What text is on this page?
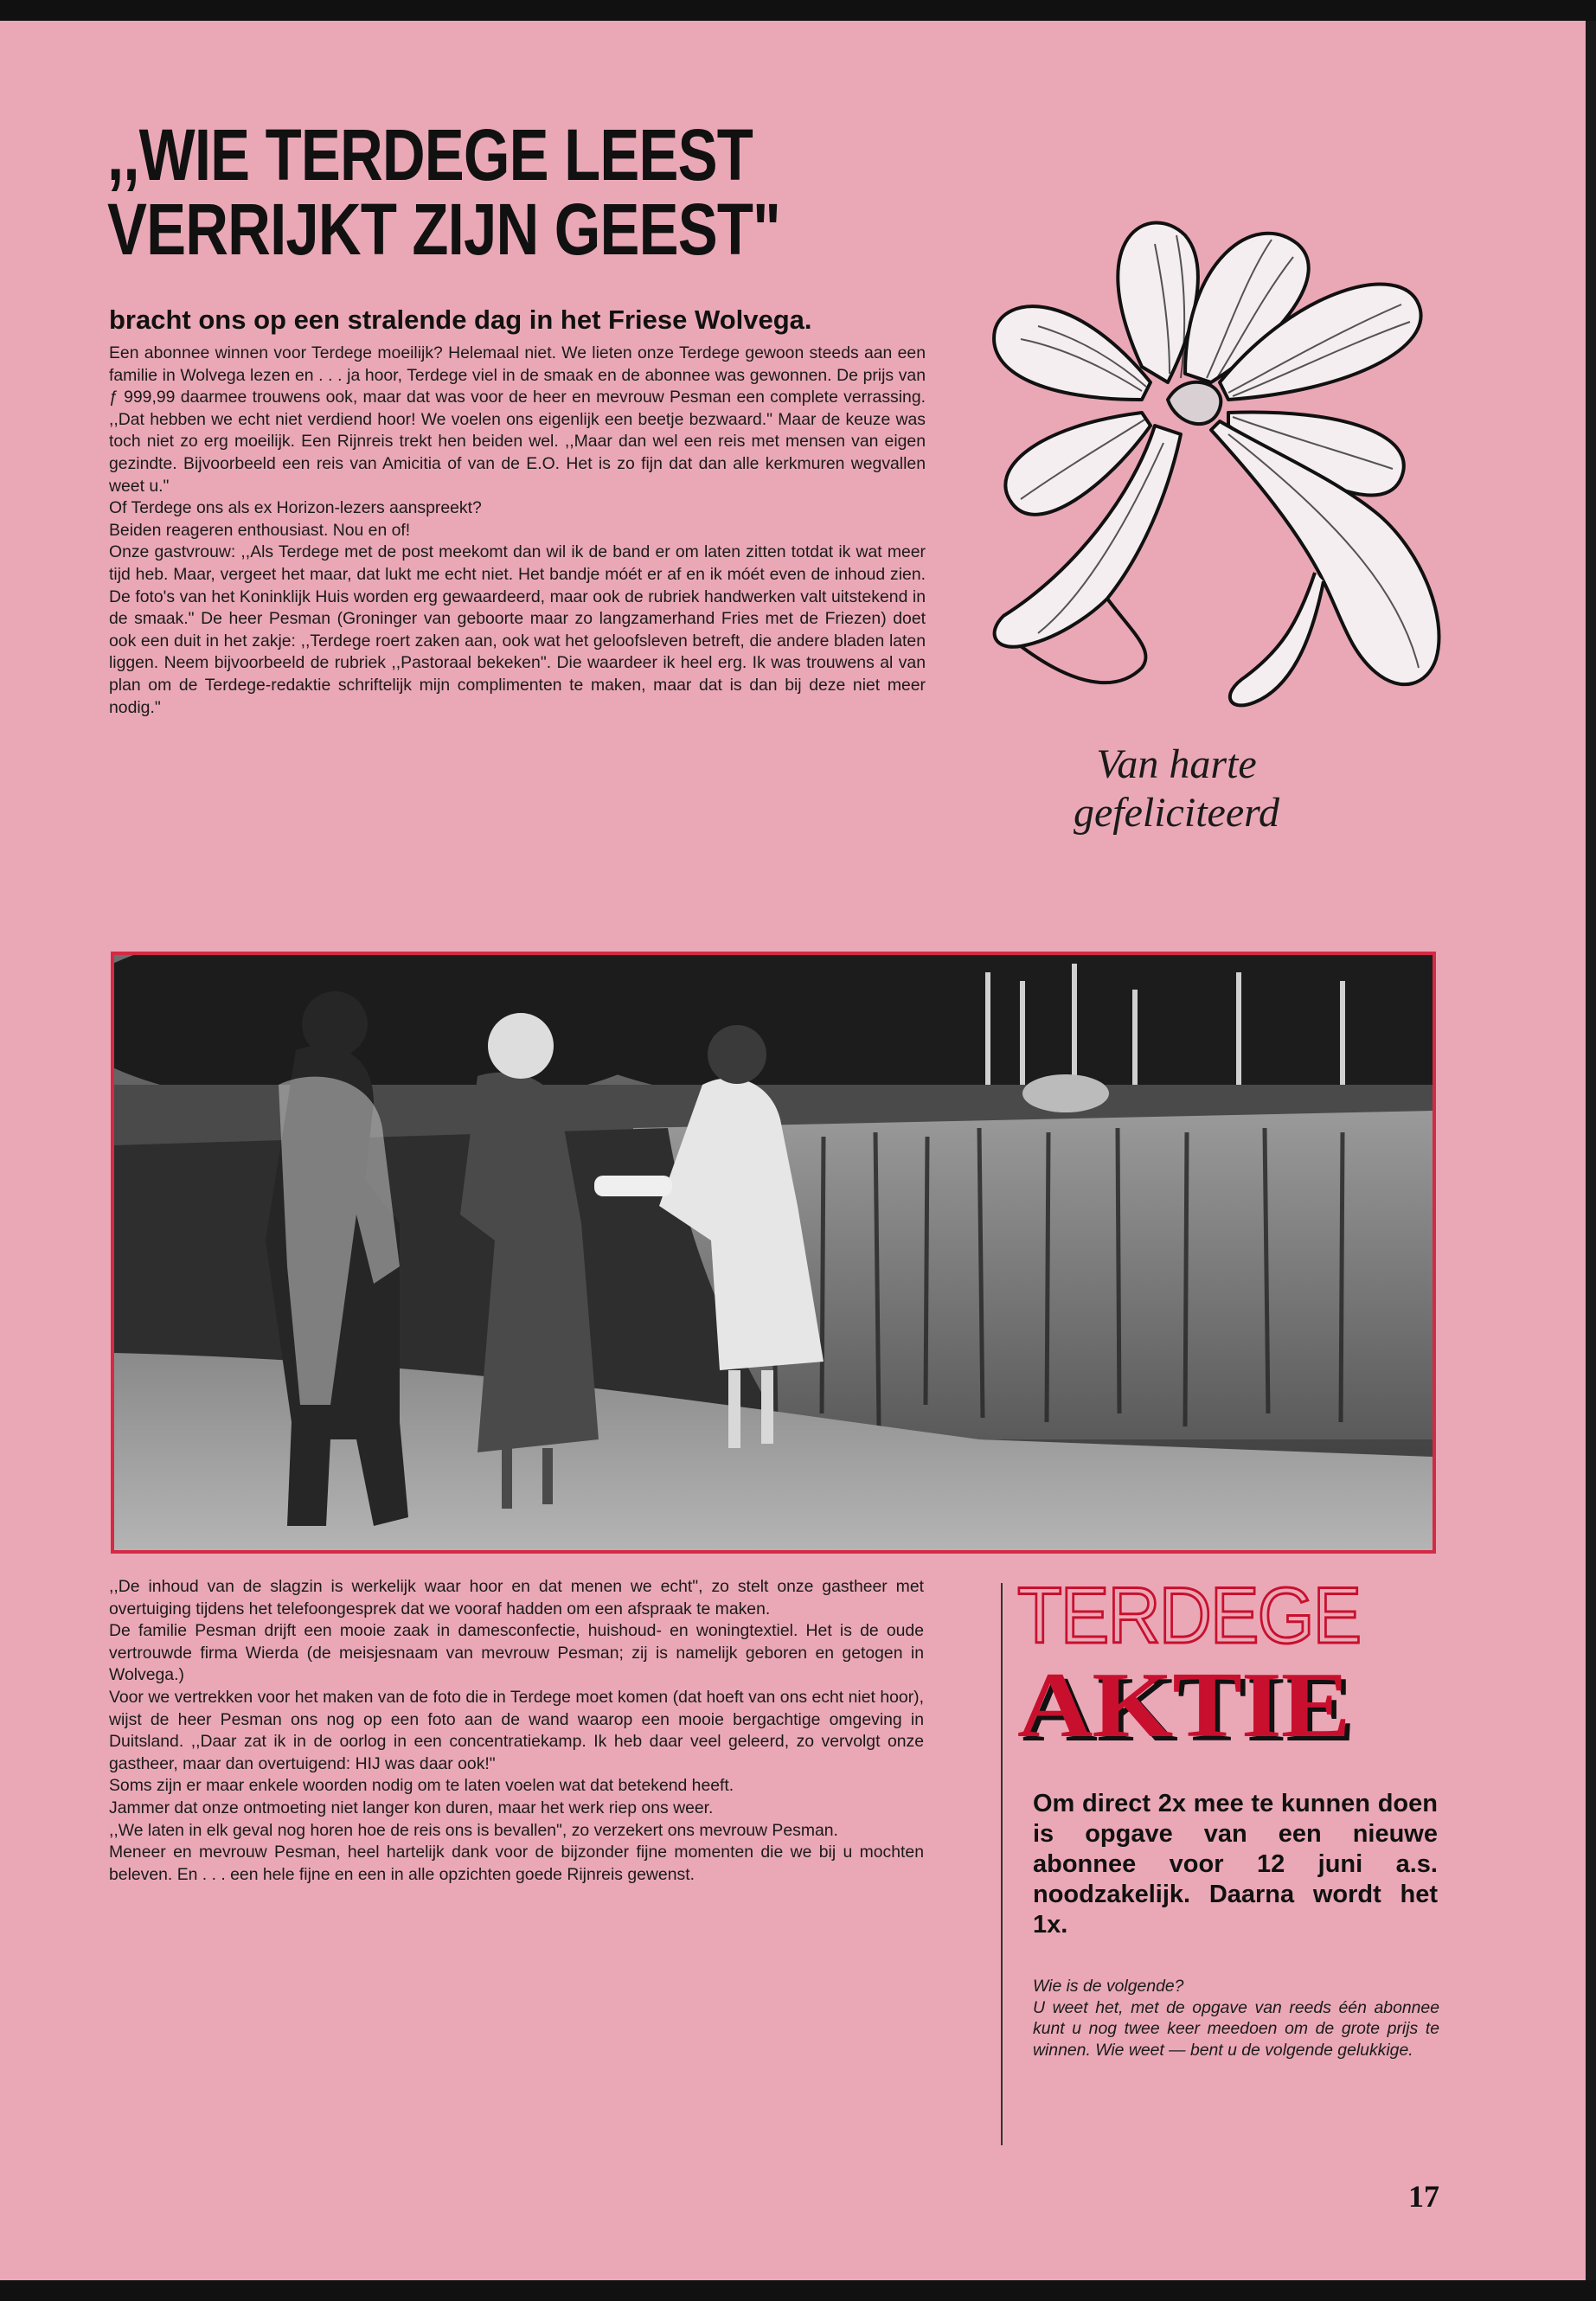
,,WIE TERDEGE LEEST
VERRIJKT ZIJN GEEST"
bracht ons op een stralende dag in het Friese Wolvega.

Een abonnee winnen voor Terdege moeilijk? Helemaal niet. We lieten onze Terdege gewoon steeds aan een familie in Wolvega lezen en . . . ja hoor, Terdege viel in de smaak en de abonnee was gewonnen. De prijs van ƒ 999,99 daarmee trouwens ook, maar dat was voor de heer en mevrouw Pesman een complete verrassing. ,,Dat hebben we echt niet verdiend hoor! We voelen ons eigenlijk een beetje bezwaard." Maar de keuze was toch niet zo erg moeilijk. Een Rijnreis trekt hen beiden wel. ,,Maar dan wel een reis met mensen van eigen gezindte. Bijvoorbeeld een reis van Amicitia of van de E.O. Het is zo fijn dat dan alle kerkmuren wegvallen weet u."

Of Terdege ons als ex Horizon-lezers aanspreekt?

Beiden reageren enthousiast. Nou en of!

Onze gastvrouw: ,,Als Terdege met de post meekomt dan wil ik de band er om laten zitten totdat ik wat meer tijd heb. Maar, vergeet het maar, dat lukt me echt niet. Het bandje móét er af en ik móét even de inhoud zien. De foto's van het Koninklijk Huis worden erg gewaardeerd, maar ook de rubriek handwerken valt uitstekend in de smaak." De heer Pesman (Groninger van geboorte maar zo langzamerhand Fries met de Friezen) doet ook een duit in het zakje: ,,Terdege roert zaken aan, ook wat het geloofsleven betreft, die andere bladen laten liggen. Neem bijvoorbeeld de rubriek ,,Pastoraal bekeken". Die waardeer ik heel erg. Ik was trouwens al van plan om de Terdege-redaktie schriftelijk mijn complimenten te maken, maar dat is dan bij deze niet meer nodig."

Van harte
gefeliciteerd

,,De inhoud van de slagzin is werkelijk waar hoor en dat menen we echt", zo stelt onze gastheer met overtuiging tijdens het telefoongesprek dat we vooraf hadden om een afspraak te maken.

De familie Pesman drijft een mooie zaak in damesconfectie, huishoud- en woningtextiel. Het is de oude vertrouwde firma Wierda (de meisjesnaam van mevrouw Pesman; zij is namelijk geboren en getogen in Wolvega.)

Voor we vertrekken voor het maken van de foto die in Terdege moet komen (dat hoeft van ons echt niet hoor), wijst de heer Pesman ons nog op een foto aan de wand waarop een mooie bergachtige omgeving in Duitsland. ,,Daar zat ik in de oorlog in een concentratiekamp. Ik heb daar veel geleerd, zo vervolgt onze gastheer, maar dan overtuigend: HIJ was daar ook!"

Soms zijn er maar enkele woorden nodig om te laten voelen wat dat betekend heeft.

Jammer dat onze ontmoeting niet langer kon duren, maar het werk riep ons weer.

,,We laten in elk geval nog horen hoe de reis ons is bevallen", zo verzekert ons mevrouw Pesman.

Meneer en mevrouw Pesman, heel hartelijk dank voor de bijzonder fijne momenten die we bij u mochten beleven. En . . . een hele fijne en een in alle opzichten goede Rijnreis gewenst.

TERDEGE
AKTIE
Om direct 2x mee te kunnen doen is opgave van een nieuwe abonnee voor 12 juni a.s. noodzakelijk. Daarna wordt het 1x.

Wie is de volgende?

U weet het, met de opgave van reeds één abonnee kunt u nog twee keer meedoen om de grote prijs te winnen. Wie weet — bent u de volgende gelukkige.

17
